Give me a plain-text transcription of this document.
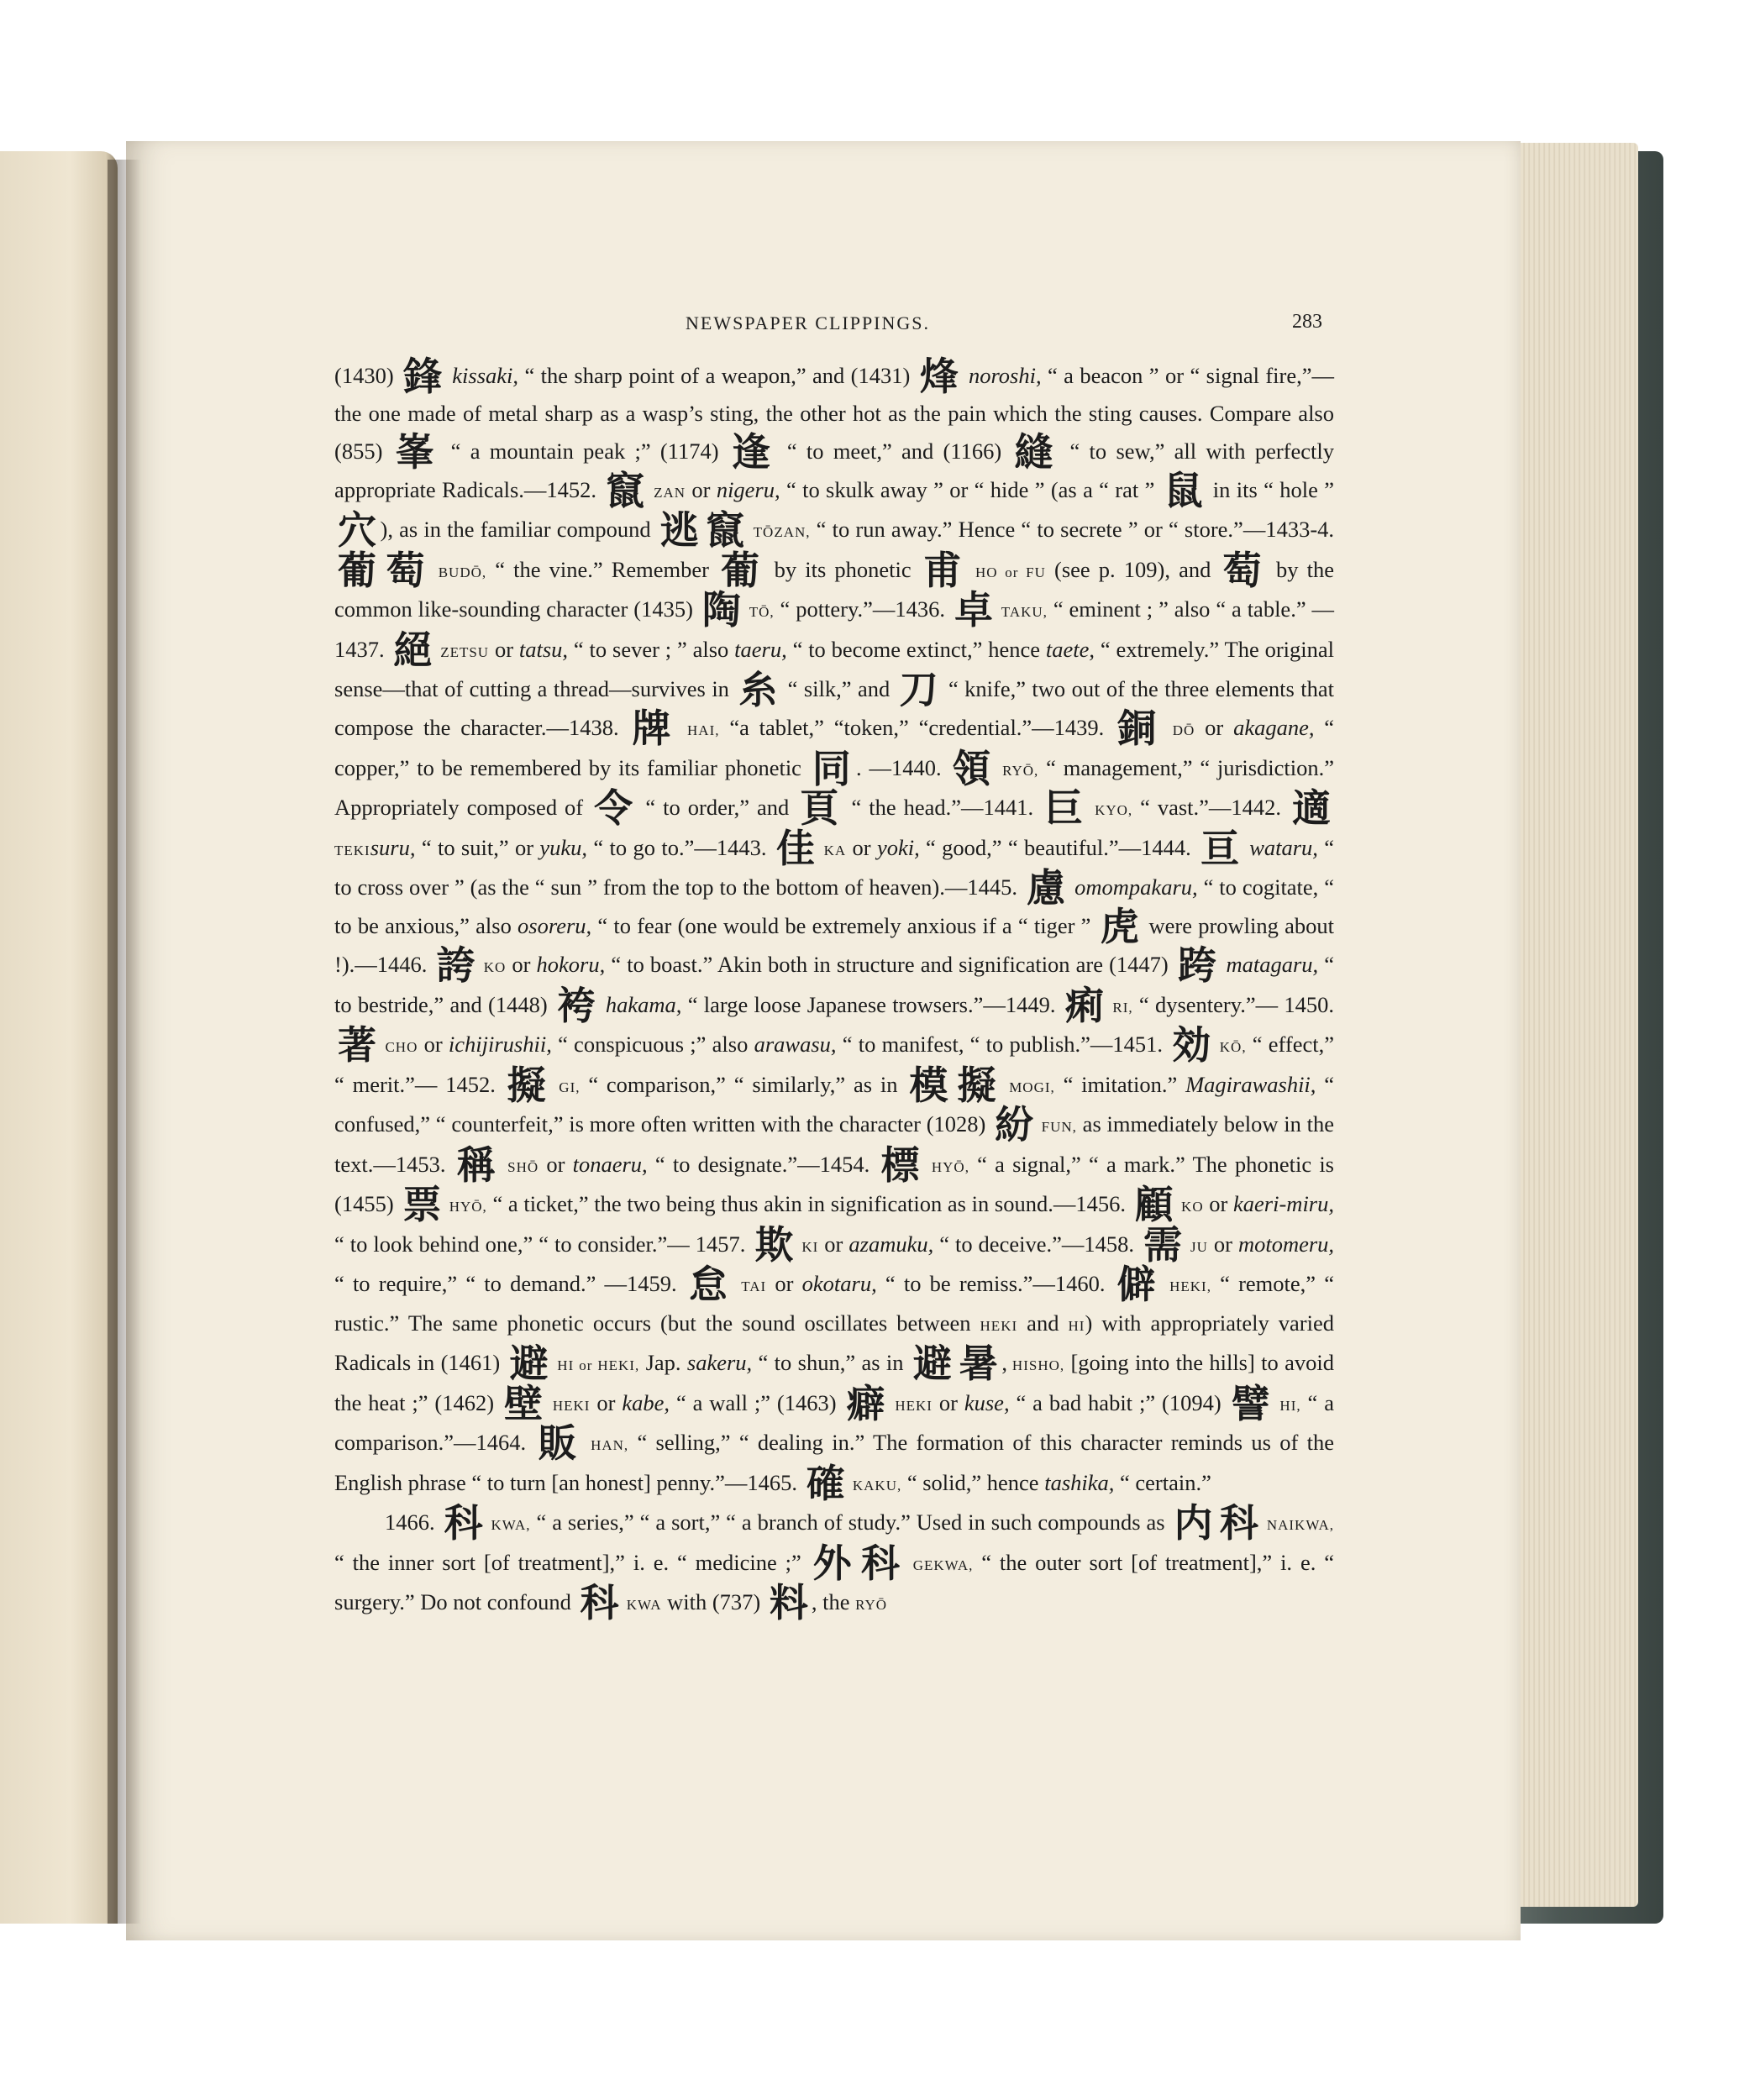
NEWSPAPER CLIPPINGS.	283

(1430) 鋒 kissaki, “ the sharp point of a weapon,” and (1431) 烽 noroshi, “ a beacon ” or “ signal fire,”—the one made of metal sharp as a wasp’s sting, the other hot as the pain which the sting causes. Compare also (855) 峯 “ a mountain peak ;” (1174) 逢 “ to meet,” and (1166) 縫 “ to sew,” all with perfectly appropriate Radicals.—1452. 竄 ZAN or nigeru, “ to skulk away ” or “ hide ” (as a “ rat ” 鼠 in its “ hole ” 穴 ), as in the familiar compound 逃 竄 TŌZAN, “ to run away.” Hence “ to secrete ” or “ store.”—1433-4. 葡 萄 BUDŌ, “ the vine.” Remember 葡 by its phonetic 甫 HO or FU (see p. 109), and 萄 by the common like-sounding character (1435) 陶 TŌ, “ pottery.”—1436. 卓 TAKU, “ eminent ; ” also “ a table.” — 1437. 絕 ZETSU or tatsu, “ to sever ; ” also taeru, “ to become extinct,” hence taete, “ extremely.” The original sense—that of cutting a thread—survives in 糸 “ silk,” and 刀 “ knife,” two out of the three elements that compose the character.—1438. 牌 HAI, “a tablet,” “token,” “credential.”—1439. 銅 DŌ or akagane, “ copper,” to be remembered by its familiar phonetic 同 . —1440. 領 RYŌ, “ management,” “ jurisdiction.” Appropriately composed of 令 “ to order,” and 頁 “ the head.”—1441. 巨 KYO, “ vast.”—1442. 適 TEKIsuru, “ to suit,” or yuku, “ to go to.”—1443. 佳 KA or yoki, “ good,” “ beautiful.”—1444. 亘 wataru, “ to cross over ” (as the “ sun ” from the top to the bottom of heaven).—1445. 慮 omompakaru, “ to cogitate, “ to be anxious,” also osoreru, “ to fear (one would be extremely anxious if a “ tiger ” 虎 were prowling about !).—1446. 誇 KO or hokoru, “ to boast.” Akin both in structure and signification are (1447) 跨 matagaru, “ to bestride,” and (1448) 袴 hakama, “ large loose Japanese trowsers.”—1449. 痢 RI, “ dysentery.”— 1450. 著 CHO or ichijirushii, “ conspicuous ;” also arawasu, “ to manifest, “ to publish.”—1451. 効 KŌ, “ effect,” “ merit.”— 1452. 擬 GI, “ comparison,” “ similarly,” as in 模 擬 MOGI, “ imitation.” Magirawashii, “ confused,” “ counterfeit,” is more often written with the character (1028) 紛 FUN, as immediately below in the text.—1453. 稱 SHŌ or tonaeru, “ to designate.”—1454. 標 HYŌ, “ a signal,” “ a mark.” The phonetic is (1455) 票 HYŌ, “ a ticket,” the two being thus akin in signification as in sound.—1456. 顧 KO or kaeri-miru, “ to look behind one,” “ to consider.”— 1457. 欺 KI or azamuku, “ to deceive.”—1458. 需 JU or motomeru, “ to require,” “ to demand.” —1459. 怠 TAI or okotaru, “ to be remiss.”—1460. 僻 HEKI, “ remote,” “ rustic.” The same phonetic occurs (but the sound oscillates between HEKI and HI) with appropriately varied Radicals in (1461) 避 HI or HEKI, Jap. sakeru, “ to shun,” as in 避 暑 , HISHO, [going into the hills] to avoid the heat ;” (1462) 壁 HEKI or kabe, “ a wall ;” (1463) 癖 HEKI or kuse, “ a bad habit ;” (1094) 譬 HI, “ a comparison.”—1464. 販 HAN, “ selling,” “ dealing in.” The formation of this character reminds us of the English phrase “ to turn [an honest] penny.”—1465. 確 KAKU, “ solid,” hence tashika, “ certain.”

1466. 科 KWA, “ a series,” “ a sort,” “ a branch of study.” Used in such compounds as 内 科 NAIKWA, “ the inner sort [of treatment],” i. e. “ medicine ;” 外 科 GEKWA, “ the outer sort [of treatment],” i. e. “ surgery.” Do not confound 科 KWA with (737) 料 , the RYŌ
